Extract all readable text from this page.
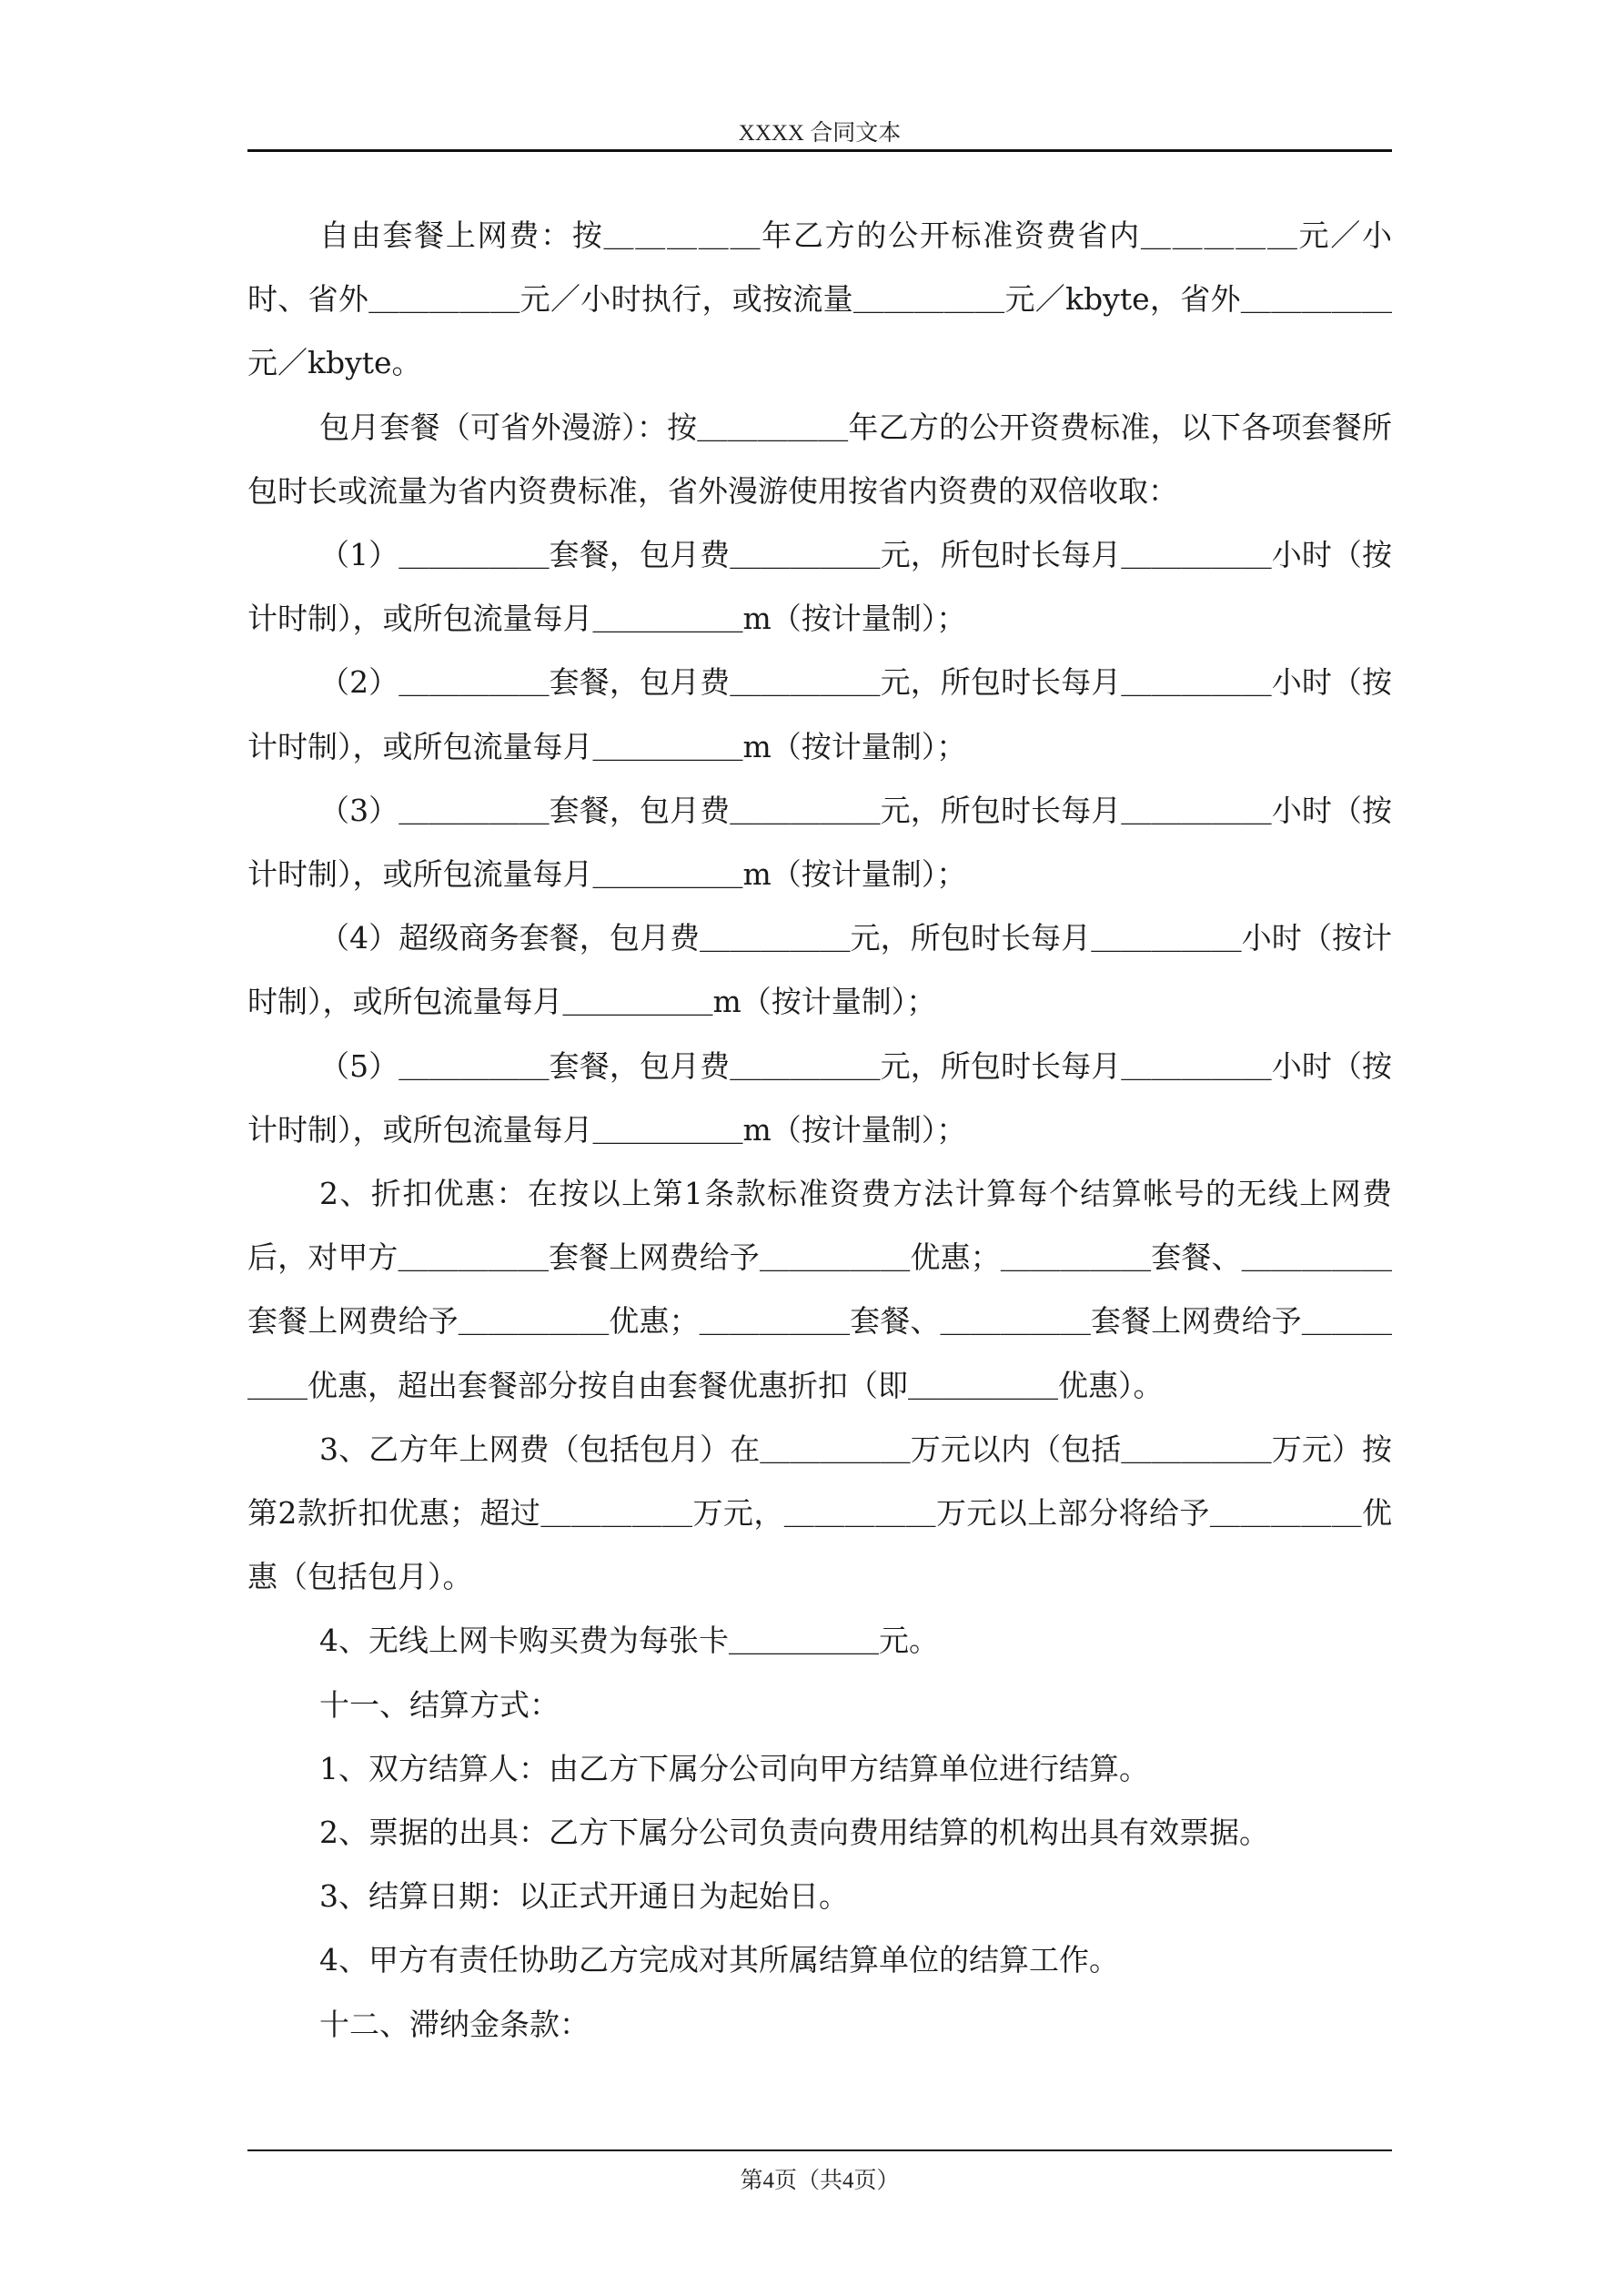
XXXX 合同文本

自由套餐上网费：按＿＿＿＿＿年乙方的公开标准资费省内＿＿＿＿＿元／小时、省外＿＿＿＿＿元／小时执行，或按流量＿＿＿＿＿元／kbyte，省外＿＿＿＿＿元／kbyte。

包月套餐（可省外漫游）：按＿＿＿＿＿年乙方的公开资费标准，以下各项套餐所包时长或流量为省内资费标准，省外漫游使用按省内资费的双倍收取：

（1）＿＿＿＿＿套餐，包月费＿＿＿＿＿元，所包时长每月＿＿＿＿＿小时（按计时制），或所包流量每月＿＿＿＿＿m（按计量制）；

（2）＿＿＿＿＿套餐，包月费＿＿＿＿＿元，所包时长每月＿＿＿＿＿小时（按计时制），或所包流量每月＿＿＿＿＿m（按计量制）；

（3）＿＿＿＿＿套餐，包月费＿＿＿＿＿元，所包时长每月＿＿＿＿＿小时（按计时制），或所包流量每月＿＿＿＿＿m（按计量制）；

（4）超级商务套餐，包月费＿＿＿＿＿元，所包时长每月＿＿＿＿＿小时（按计时制），或所包流量每月＿＿＿＿＿m（按计量制）；

（5）＿＿＿＿＿套餐，包月费＿＿＿＿＿元，所包时长每月＿＿＿＿＿小时（按计时制），或所包流量每月＿＿＿＿＿m（按计量制）；

2、折扣优惠：在按以上第1条款标准资费方法计算每个结算帐号的无线上网费后，对甲方＿＿＿＿＿套餐上网费给予＿＿＿＿＿优惠；＿＿＿＿＿套餐、＿＿＿＿＿套餐上网费给予＿＿＿＿＿优惠；＿＿＿＿＿套餐、＿＿＿＿＿套餐上网费给予＿＿＿＿＿优惠，超出套餐部分按自由套餐优惠折扣（即＿＿＿＿＿优惠）。

3、乙方年上网费（包括包月）在＿＿＿＿＿万元以内（包括＿＿＿＿＿万元）按第2款折扣优惠；超过＿＿＿＿＿万元，＿＿＿＿＿万元以上部分将给予＿＿＿＿＿优惠（包括包月）。

4、无线上网卡购买费为每张卡＿＿＿＿＿元。

十一、结算方式：

1、双方结算人：由乙方下属分公司向甲方结算单位进行结算。

2、票据的出具：乙方下属分公司负责向费用结算的机构出具有效票据。

3、结算日期：以正式开通日为起始日。

4、甲方有责任协助乙方完成对其所属结算单位的结算工作。

十二、滞纳金条款：

第4页（共4页）
